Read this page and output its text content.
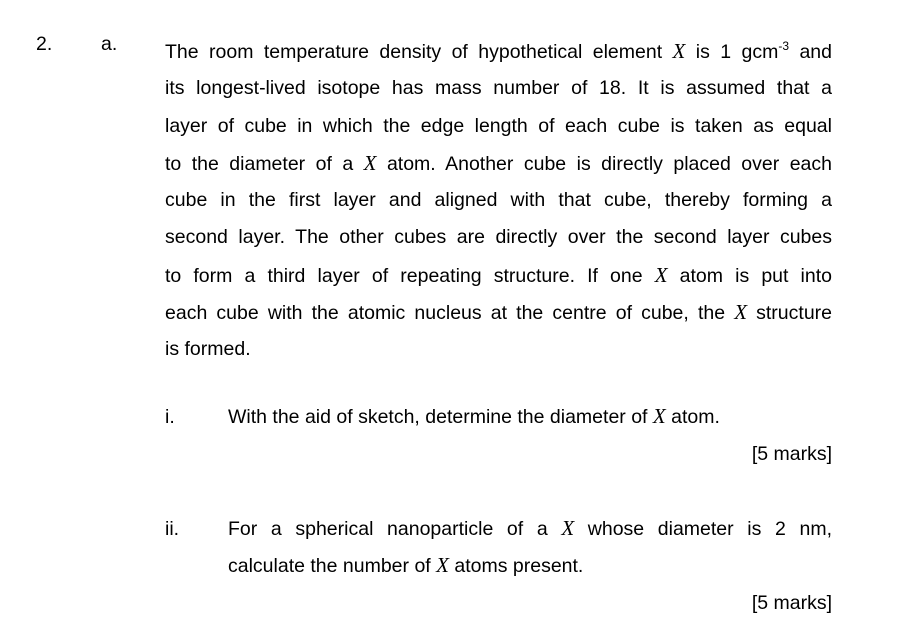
2. a. The room temperature density of hypothetical element X is 1 gcm$^{-3}$ and
its longest-lived isotope has mass number of 18. It is assumed that a
layer of cube in which the edge length of each cube is taken as equal
to the diameter of a X atom. Another cube is directly placed over each
cube in the first layer and aligned with that cube, thereby forming a
second layer. The other cubes are directly over the second layer cubes
to form a third layer of repeating structure. If one X atom is put into
each cube with the atomic nucleus at the centre of cube, the X structure
is formed.
i.	With the aid of sketch, determine the diameter of X atom.
[5 marks]
ii.	For a spherical nanoparticle of a X whose diameter is 2 nm,
calculate the number of X atoms present.
[5 marks]
